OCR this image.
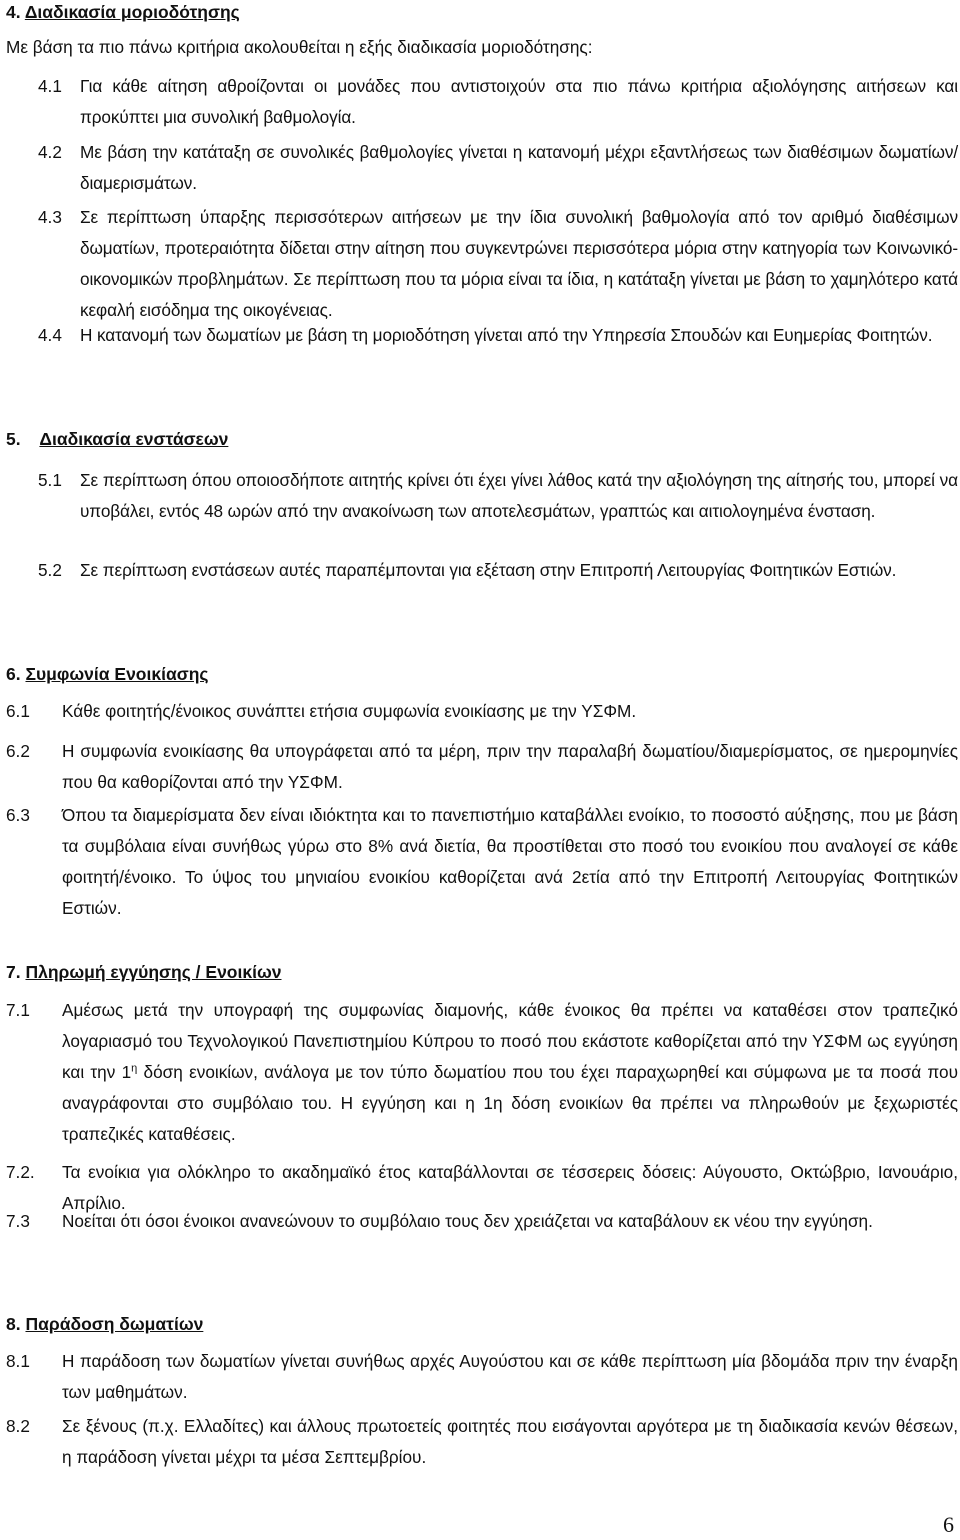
4. Διαδικασία μοριοδότησης
Με βάση τα πιο πάνω κριτήρια ακολουθείται η εξής διαδικασία μοριοδότησης:
4.1 Για κάθε αίτηση αθροίζονται οι μονάδες που αντιστοιχούν στα πιο πάνω κριτήρια αξιολόγησης αιτήσεων και προκύπτει μια συνολική βαθμολογία.
4.2 Με βάση την κατάταξη σε συνολικές βαθμολογίες γίνεται η κατανομή μέχρι εξαντλήσεως των διαθέσιμων δωματίων/ διαμερισμάτων.
4.3 Σε περίπτωση ύπαρξης περισσότερων αιτήσεων με την ίδια συνολική βαθμολογία από τον αριθμό διαθέσιμων δωματίων, προτεραιότητα δίδεται στην αίτηση που συγκεντρώνει περισσότερα μόρια στην κατηγορία των Κοινωνικό-οικονομικών προβλημάτων. Σε περίπτωση που τα μόρια είναι τα ίδια, η κατάταξη γίνεται με βάση το χαμηλότερο κατά κεφαλή εισόδημα της οικογένειας.
4.4 Η κατανομή των δωματίων με βάση τη μοριοδότηση γίνεται από την Υπηρεσία Σπουδών και Ευημερίας Φοιτητών.
5. Διαδικασία ενστάσεων
5.1 Σε περίπτωση όπου οποιοσδήποτε αιτητής κρίνει ότι έχει γίνει λάθος κατά την αξιολόγηση της αίτησής του, μπορεί να υποβάλει, εντός 48 ωρών από την ανακοίνωση των αποτελεσμάτων, γραπτώς και αιτιολογημένα ένσταση.
5.2 Σε περίπτωση ενστάσεων αυτές παραπέμπονται για εξέταση στην Επιτροπή Λειτουργίας Φοιτητικών Εστιών.
6. Συμφωνία Ενοικίασης
6.1 Κάθε φοιτητής/ένοικος συνάπτει ετήσια συμφωνία ενοικίασης με την ΥΣΦΜ.
6.2 Η συμφωνία ενοικίασης θα υπογράφεται από τα μέρη, πριν την παραλαβή δωματίου/διαμερίσματος, σε ημερομηνίες που θα καθορίζονται από την ΥΣΦΜ.
6.3 Όπου τα διαμερίσματα δεν είναι ιδιόκτητα και το πανεπιστήμιο καταβάλλει ενοίκιο, το ποσοστό αύξησης, που με βάση τα συμβόλαια είναι συνήθως γύρω στο 8% ανά διετία, θα προστίθεται στο ποσό του ενοικίου που αναλογεί σε κάθε φοιτητή/ένοικο. Το ύψος του μηνιαίου ενοικίου καθορίζεται ανά 2ετία από την Επιτροπή Λειτουργίας Φοιτητικών Εστιών.
7. Πληρωμή εγγύησης / Ενοικίων
7.1 Αμέσως μετά την υπογραφή της συμφωνίας διαμονής, κάθε ένοικος θα πρέπει να καταθέσει στον τραπεζικό λογαριασμό του Τεχνολογικού Πανεπιστημίου Κύπρου το ποσό που εκάστοτε καθορίζεται από την ΥΣΦΜ ως εγγύηση και την $1^\eta$ δόση ενοικίων, ανάλογα με τον τύπο δωματίου που του έχει παραχωρηθεί και σύμφωνα με τα ποσά που αναγράφονται στο συμβόλαιο του. Η εγγύηση και η 1η δόση ενοικίων θα πρέπει να πληρωθούν με ξεχωριστές τραπεζικές καταθέσεις.
7.2. Τα ενοίκια για ολόκληρο το ακαδημαϊκό έτος καταβάλλονται σε τέσσερεις δόσεις: Αύγουστο, Οκτώβριο, Ιανουάριο, Απρίλιο.
7.3 Νοείται ότι όσοι ένοικοι ανανεώνουν το συμβόλαιο τους δεν χρειάζεται να καταβάλουν εκ νέου την εγγύηση.
8. Παράδοση δωματίων
8.1 Η παράδοση των δωματίων γίνεται συνήθως αρχές Αυγούστου και σε κάθε περίπτωση μία βδομάδα πριν την έναρξη των μαθημάτων.
8.2 Σε ξένους (π.χ. Ελλαδίτες) και άλλους πρωτοετείς φοιτητές που εισάγονται αργότερα με τη διαδικασία κενών θέσεων, η παράδοση γίνεται μέχρι τα μέσα Σεπτεμβρίου.
6
